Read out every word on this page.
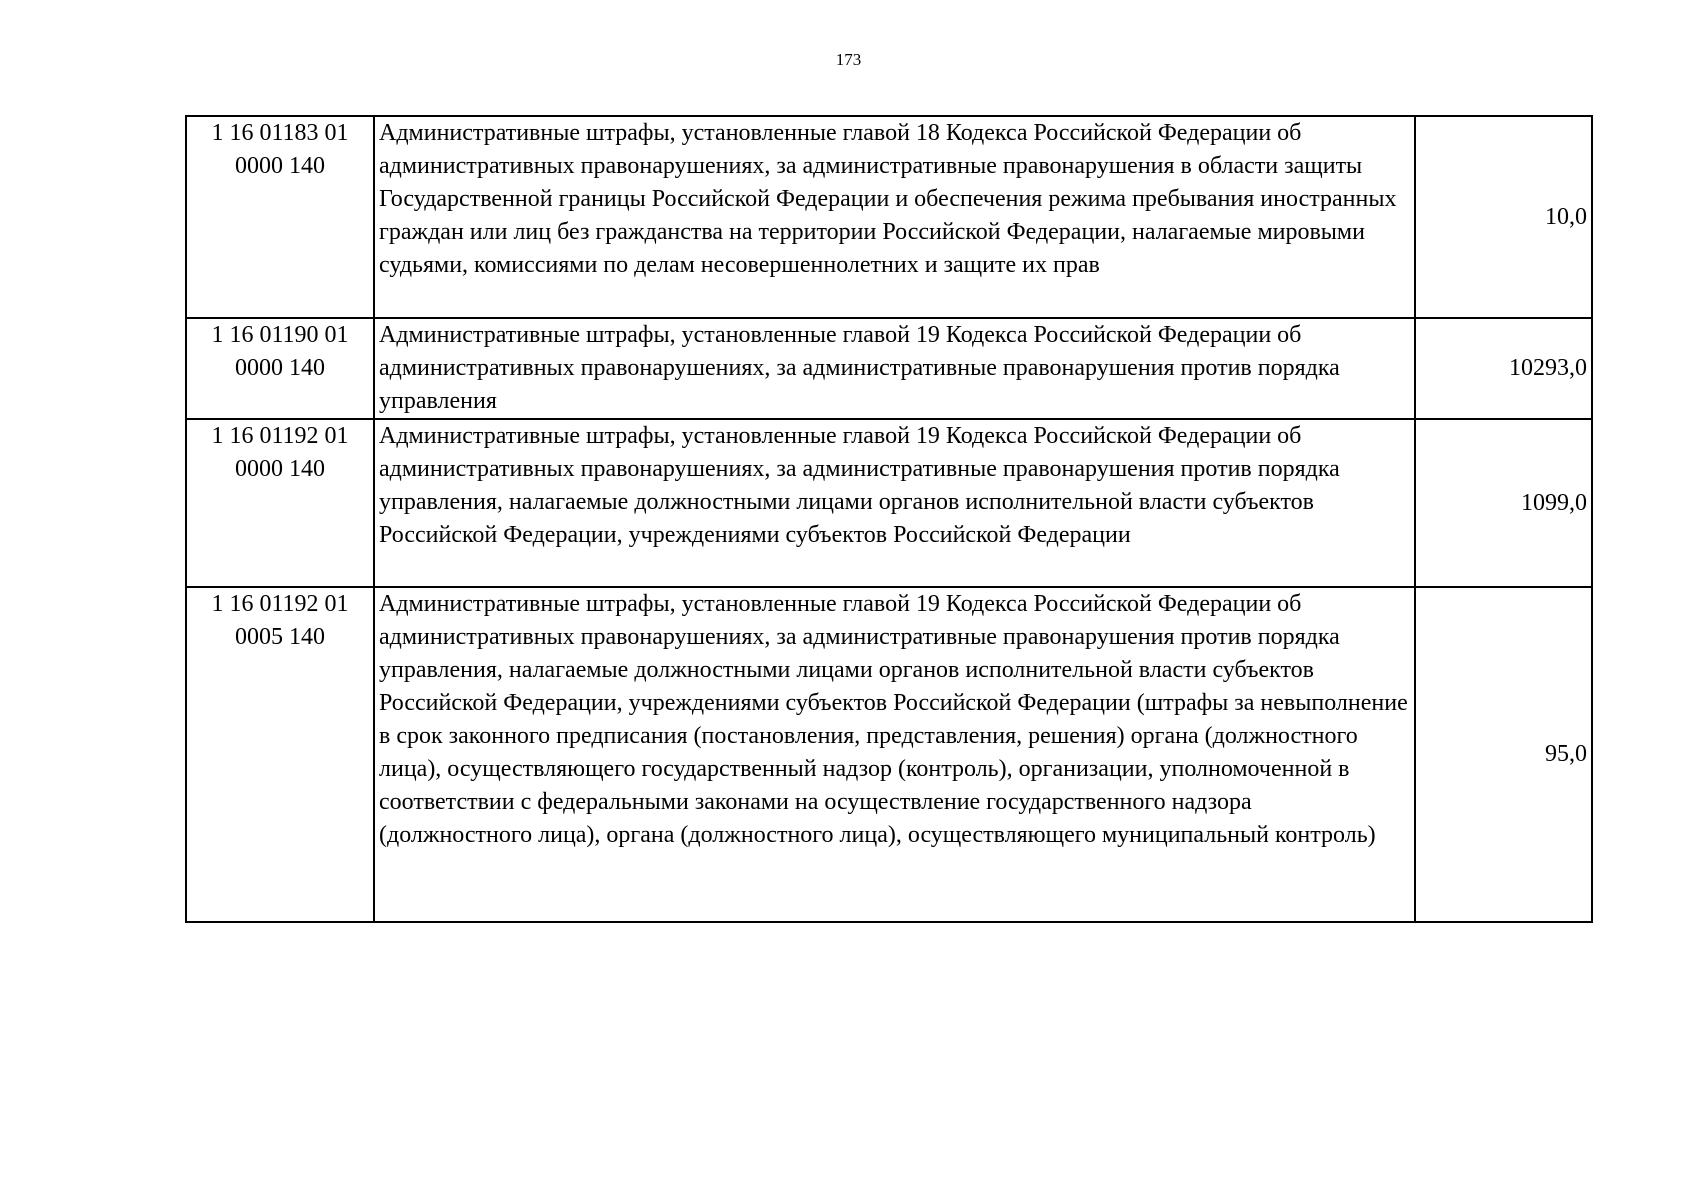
173
1 16 01183 01
0000 140	Административные штрафы, установленные главой 18 Кодекса Российской Федерации об административных правонарушениях, за административные правонарушения в области защиты Государственной границы Российской Федерации и обеспечения режима пребывания иностранных граждан или лиц без гражданства на территории Российской Федерации, налагаемые мировыми судьями, комиссиями по делам несовершеннолетних и защите их прав	10,0

1 16 01190 01
0000 140	Административные штрафы, установленные главой 19 Кодекса Российской Федерации об административных правонарушениях, за административные правонарушения против порядка управления	10293,0

1 16 01192 01
0000 140	Административные штрафы, установленные главой 19 Кодекса Российской Федерации об административных правонарушениях, за административные правонарушения против порядка управления, налагаемые должностными лицами органов исполнительной власти субъектов Российской Федерации, учреждениями субъектов Российской Федерации	1099,0

1 16 01192 01
0005 140	Административные штрафы, установленные главой 19 Кодекса Российской Федерации об административных правонарушениях, за административные правонарушения против порядка управления, налагаемые должностными лицами органов исполнительной власти субъектов Российской Федерации, учреждениями субъектов Российской Федерации (штрафы за невыполнение в срок законного предписания (постановления, представления, решения) органа (должностного лица), осуществляющего государственный надзор (контроль), организации, уполномоченной в соответствии с федеральными законами на осуществление государственного надзора (должностного лица), органа (должностного лица), осуществляющего муниципальный контроль)	95,0
